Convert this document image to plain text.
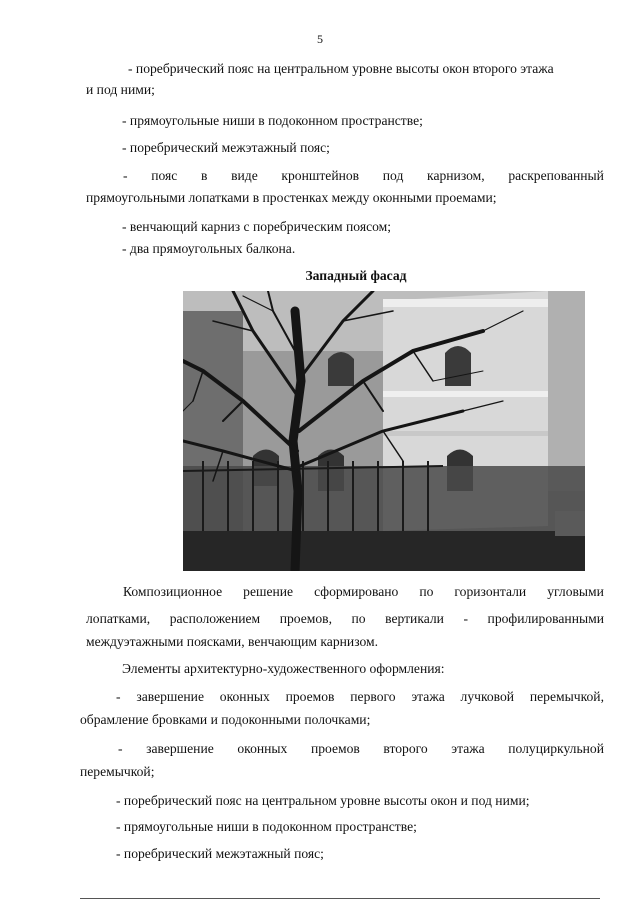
5
- поребрический пояс на центральном уровне высоты окон второго этажа
и под ними;
- прямоугольные ниши в подоконном пространстве;
- поребрический межэтажный пояс;
- пояс в виде кронштейнов под карнизом, раскрепованный
прямоугольными лопатками в простенках между оконными проемами;
- венчающий карниз с поребрическим поясом;
- два прямоугольных балкона.
Западный фасад
Композиционное решение сформировано по горизонтали угловыми
лопатками, расположением проемов, по вертикали - профилированными
междуэтажными поясками, венчающим карнизом.
Элементы архитектурно-художественного оформления:
- завершение оконных проемов первого этажа лучковой перемычкой,
обрамление бровками и подоконными полочками;
- завершение оконных проемов второго этажа полуциркульной
перемычкой;
- поребрический пояс на центральном уровне высоты окон и под ними;
- прямоугольные ниши в подоконном пространстве;
- поребрический межэтажный пояс;
